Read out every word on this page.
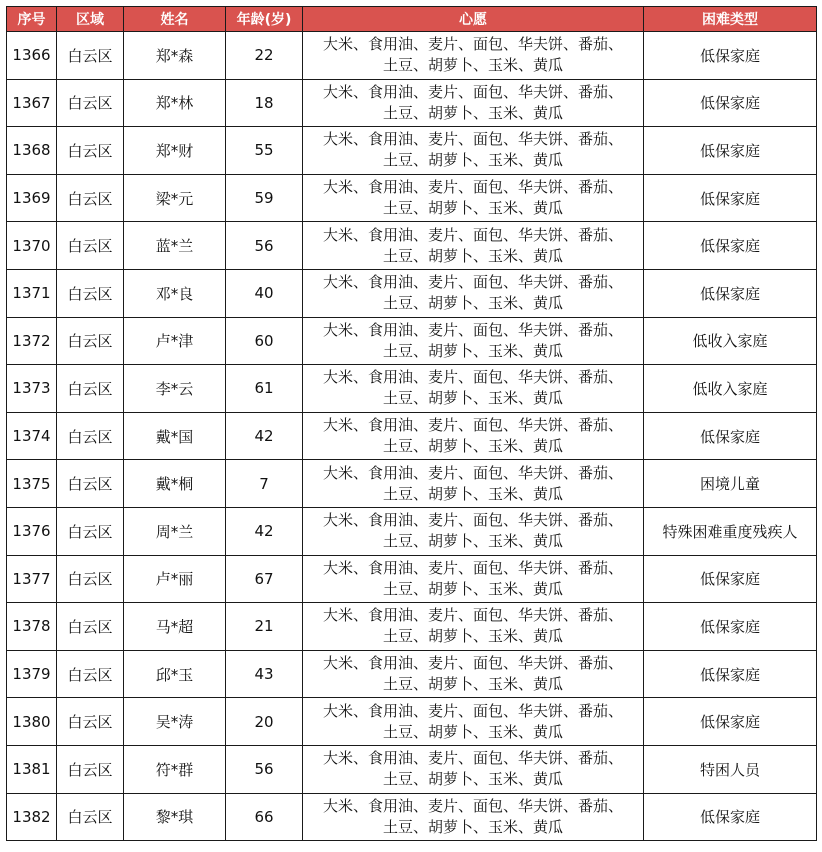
序号	区域	姓名	年龄(岁)	心愿	困难类型
1366	白云区	郑*森	22	大米、食用油、麦片、面包、华夫饼、番茄、
土豆、胡萝卜、玉米、黄瓜	低保家庭
1367	白云区	郑*林	18	大米、食用油、麦片、面包、华夫饼、番茄、
土豆、胡萝卜、玉米、黄瓜	低保家庭
1368	白云区	郑*财	55	大米、食用油、麦片、面包、华夫饼、番茄、
土豆、胡萝卜、玉米、黄瓜	低保家庭
1369	白云区	梁*元	59	大米、食用油、麦片、面包、华夫饼、番茄、
土豆、胡萝卜、玉米、黄瓜	低保家庭
1370	白云区	蓝*兰	56	大米、食用油、麦片、面包、华夫饼、番茄、
土豆、胡萝卜、玉米、黄瓜	低保家庭
1371	白云区	邓*良	40	大米、食用油、麦片、面包、华夫饼、番茄、
土豆、胡萝卜、玉米、黄瓜	低保家庭
1372	白云区	卢*津	60	大米、食用油、麦片、面包、华夫饼、番茄、
土豆、胡萝卜、玉米、黄瓜	低收入家庭
1373	白云区	李*云	61	大米、食用油、麦片、面包、华夫饼、番茄、
土豆、胡萝卜、玉米、黄瓜	低收入家庭
1374	白云区	戴*国	42	大米、食用油、麦片、面包、华夫饼、番茄、
土豆、胡萝卜、玉米、黄瓜	低保家庭
1375	白云区	戴*桐	7	大米、食用油、麦片、面包、华夫饼、番茄、
土豆、胡萝卜、玉米、黄瓜	困境儿童
1376	白云区	周*兰	42	大米、食用油、麦片、面包、华夫饼、番茄、
土豆、胡萝卜、玉米、黄瓜	特殊困难重度残疾人
1377	白云区	卢*丽	67	大米、食用油、麦片、面包、华夫饼、番茄、
土豆、胡萝卜、玉米、黄瓜	低保家庭
1378	白云区	马*超	21	大米、食用油、麦片、面包、华夫饼、番茄、
土豆、胡萝卜、玉米、黄瓜	低保家庭
1379	白云区	邱*玉	43	大米、食用油、麦片、面包、华夫饼、番茄、
土豆、胡萝卜、玉米、黄瓜	低保家庭
1380	白云区	吴*涛	20	大米、食用油、麦片、面包、华夫饼、番茄、
土豆、胡萝卜、玉米、黄瓜	低保家庭
1381	白云区	符*群	56	大米、食用油、麦片、面包、华夫饼、番茄、
土豆、胡萝卜、玉米、黄瓜	特困人员
1382	白云区	黎*琪	66	大米、食用油、麦片、面包、华夫饼、番茄、
土豆、胡萝卜、玉米、黄瓜	低保家庭
